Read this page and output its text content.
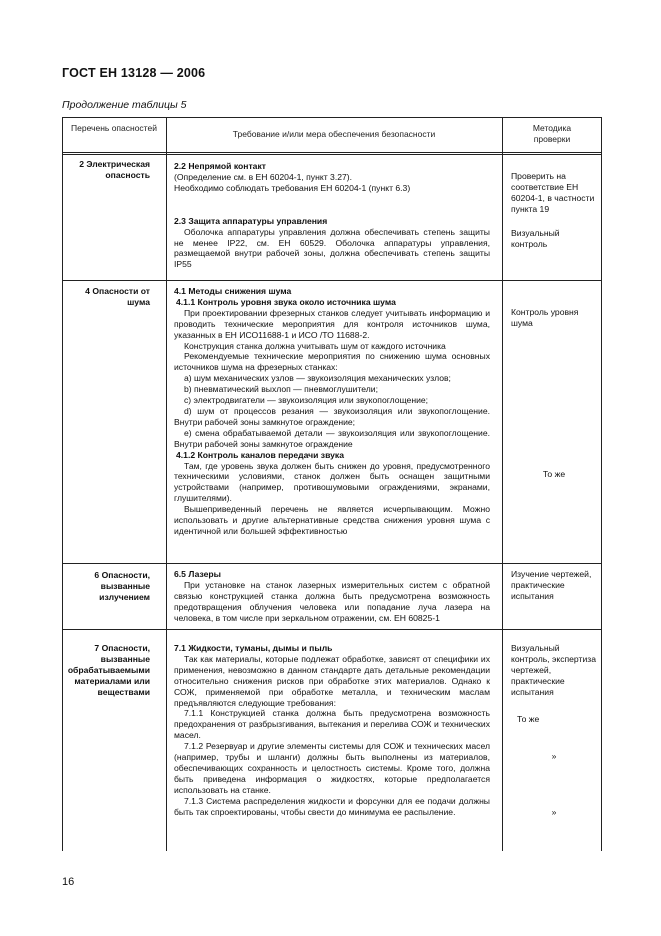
ГОСТ ЕН 13128 — 2006
Продолжение таблицы 5
Перечень опасностей
Требование и/или мера обеспечения безопасности
Методика проверки
2 Электрическая опасность
2.2 Непрямой контакт
(Определение см. в ЕН 60204-1, пункт 3.27).
Необходимо соблюдать требования ЕН 60204-1 (пункт 6.3)
2.3 Защита аппаратуры управления
Оболочка аппаратуры управления должна обеспечивать степень защиты не менее IP22, см. ЕН 60529. Оболочка аппаратуры управления, размещаемой внутри рабочей зоны, должна обеспечивать степень защиты IP55
Проверить на соответствие ЕН 60204-1, в частности пункта 19
Визуальный контроль
4 Опасности от шума
4.1 Методы снижения шума
4.1.1 Контроль уровня звука около источника шума
При проектировании фрезерных станков следует учитывать информацию и проводить технические мероприятия для контроля источников шума, указанных в ЕН ИСО11688-1 и ИСО /ТО 11688-2.
Конструкция станка должна учитывать шум от каждого источника
Рекомендуемые технические мероприятия по снижению шума основных источников шума на фрезерных станках:
а) шум механических узлов — звукоизоляция механических узлов;
b) пневматический выхлоп — пневмоглушители;
с) электродвигатели — звукоизоляция или звукопоглощение;
d) шум от процессов резания — звукоизоляция или звукопоглощение. Внутри рабочей зоны замкнутое ограждение;
е) смена обрабатываемой детали — звукоизоляция или звукопоглощение. Внутри рабочей зоны замкнутое ограждение
4.1.2 Контроль каналов передачи звука
Там, где уровень звука должен быть снижен до уровня, предусмотренного техническими условиями, станок должен быть оснащен защитными устройствами (например, противошумовыми ограждениями, экранами, глушителями).
Вышеприведенный перечень не является исчерпывающим. Можно использовать и другие альтернативные средства снижения уровня шума с идентичной или большей эффективностью
Контроль уровня шума
То же
6 Опасности, вызванные излучением
6.5 Лазеры
При установке на станок лазерных измерительных систем с обратной связью конструкцией станка должна быть предусмотрена возможность предотвращения облучения человека или попадание луча лазера на человека, в том числе при зеркальном отражении, см. ЕН 60825-1
Изучение чертежей, практические испытания
7 Опасности, вызванные обрабатываемыми материалами или веществами
7.1 Жидкости, туманы, дымы и пыль
Так как материалы, которые подлежат обработке, зависят от специфики их применения, невозможно в данном стандарте дать детальные рекомендации относительно снижения рисков при обработке этих материалов. Однако к СОЖ, применяемой при обработке металла, и техническим маслам предъявляются следующие требования:
7.1.1 Конструкцией станка должна быть предусмотрена возможность предохранения от разбрызгивания, вытекания и перелива СОЖ и технических масел.
7.1.2 Резервуар и другие элементы системы для СОЖ и технических масел (например, трубы и шланги) должны быть выполнены из материалов, обеспечивающих сохранность и целостность системы. Кроме того, должна быть приведена информация о жидкостях, которые предполагается использовать на станке.
7.1.3 Система распределения жидкости и форсунки для ее подачи должны быть так спроектированы, чтобы свести до минимума ее распыление.
Визуальный контроль, экспертиза чертежей, практические испытания
То же
»
»
16
